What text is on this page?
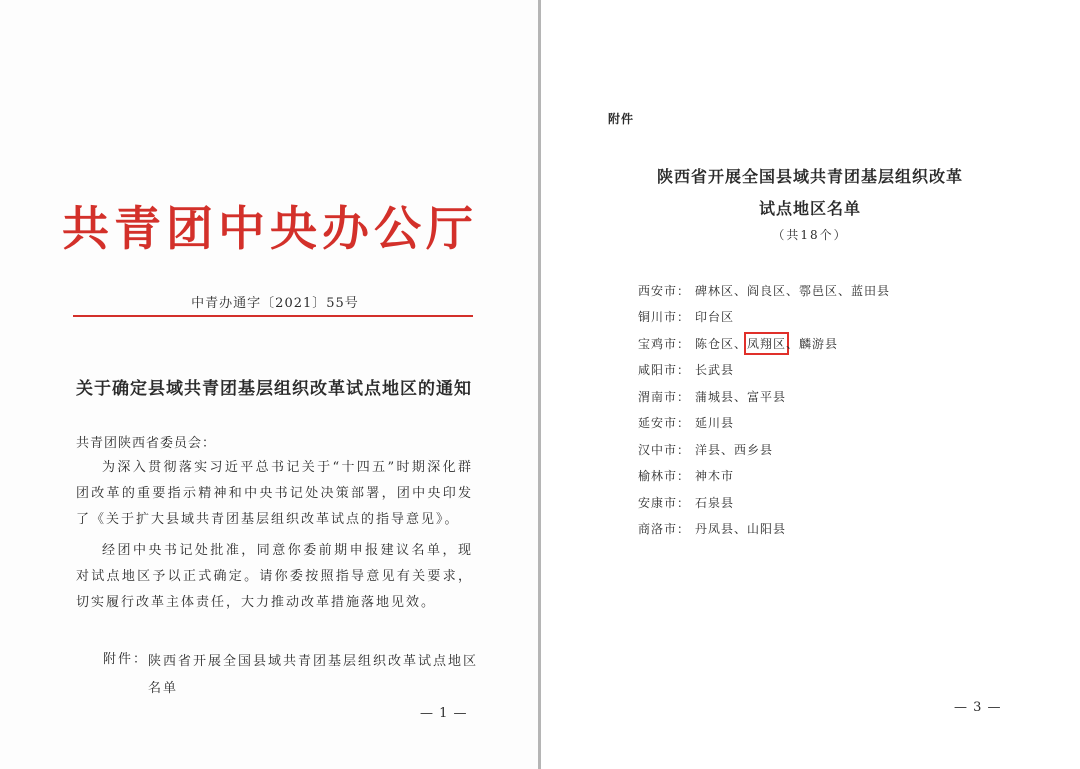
共青团中央办公厅
中青办通字〔2021〕55号
关于确定县域共青团基层组织改革试点地区的通知
共青团陕西省委员会：
为深入贯彻落实习近平总书记关于“十四五”时期深化群团改革的重要指示精神和中央书记处决策部署，团中央印发了《关于扩大县域共青团基层组织改革试点的指导意见》。
经团中央书记处批准，同意你委前期申报建议名单，现对试点地区予以正式确定。请你委按照指导意见有关要求，切实履行改革主体责任，大力推动改革措施落地见效。
附件： 陕西省开展全国县域共青团基层组织改革试点地区名单
— 1 —
附件
陕西省开展全国县域共青团基层组织改革
试点地区名单
（共18个）
西安市： 碑林区、阎良区、鄠邑区、蓝田县
铜川市： 印台区
宝鸡市： 陈仓区、 凤翔区 、麟游县
咸阳市： 长武县
渭南市： 蒲城县、富平县
延安市： 延川县
汉中市： 洋县、西乡县
榆林市： 神木市
安康市： 石泉县
商洛市： 丹凤县、山阳县
— 3 —
